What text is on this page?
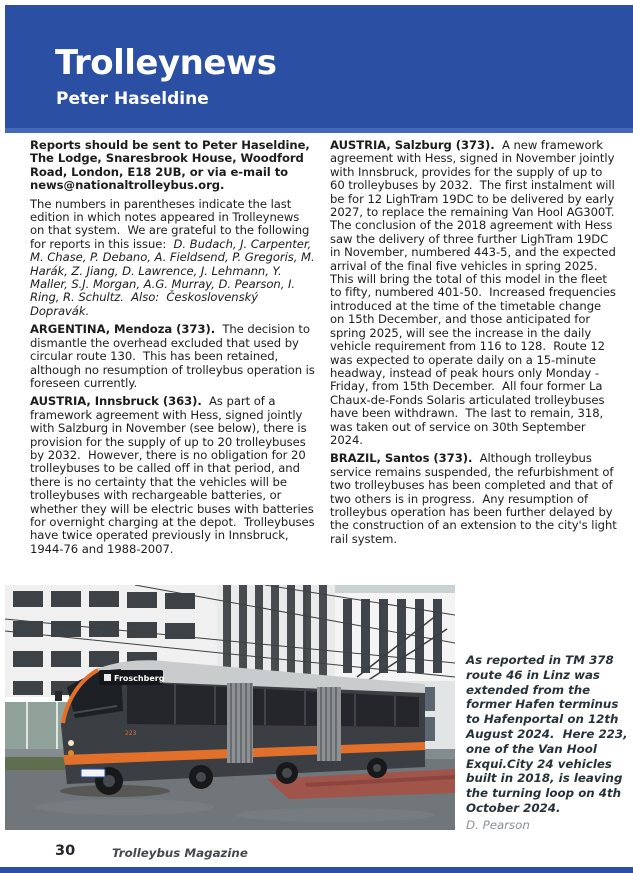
Trolleynews
Peter Haseldine

Reports should be sent to Peter Haseldine, The Lodge, Snaresbrook House, Woodford Road, London, E18 2UB, or via e-mail to news@nationaltrolleybus.org.

The numbers in parentheses indicate the last edition in which notes appeared in Trolleynews on that system.  We are grateful to the following for reports in this issue:  D. Budach, J. Carpenter, M. Chase, P. Debano, A. Fieldsend, P. Gregoris, M. Harák, Z. Jiang, D. Lawrence, J. Lehmann, Y. Maller, S.J. Morgan, A.G. Murray, D. Pearson, I. Ring, R. Schultz.  Also:  Československý Dopravák.

ARGENTINA, Mendoza (373).  The decision to dismantle the overhead excluded that used by circular route 130.  This has been retained, although no resumption of trolleybus operation is foreseen currently.

AUSTRIA, Innsbruck (363).  As part of a framework agreement with Hess, signed jointly with Salzburg in November (see below), there is provision for the supply of up to 20 trolleybuses by 2032.  However, there is no obligation for 20 trolleybuses to be called off in that period, and there is no certainty that the vehicles will be trolleybuses with rechargeable batteries, or whether they will be electric buses with batteries for overnight charging at the depot.  Trolleybuses have twice operated previously in Innsbruck, 1944-76 and 1988-2007.

AUSTRIA, Salzburg (373).  A new framework agreement with Hess, signed in November jointly with Innsbruck, provides for the supply of up to 60 trolleybuses by 2032.  The first instalment will be for 12 LighTram 19DC to be delivered by early 2027, to replace the remaining Van Hool AG300T.  The conclusion of the 2018 agreement with Hess saw the delivery of three further LighTram 19DC in November, numbered 443-5, and the expected arrival of the final five vehicles in spring 2025.  This will bring the total of this model in the fleet to fifty, numbered 401-50.  Increased frequencies introduced at the time of the timetable change on 15th December, and those anticipated for spring 2025, will see the increase in the daily vehicle requirement from 116 to 128.  Route 12 was expected to operate daily on a 15-minute headway, instead of peak hours only Monday - Friday, from 15th December.  All four former La Chaux-de-Fonds Solaris articulated trolleybuses have been withdrawn.  The last to remain, 318, was taken out of service on 30th September 2024.

BRAZIL, Santos (373).  Although trolleybus service remains suspended, the refurbishment of two trolleybuses has been completed and that of two others is in progress.  Any resumption of trolleybus operation has been further delayed by the construction of an extension to the city's light rail system.

Froschberg
223

As reported in TM 378 route 46 in Linz was extended from the former Hafen terminus to Hafenportal on 12th August 2024.  Here 223, one of the Van Hool Exqui.City 24 vehicles built in 2018, is leaving the turning loop on 4th October 2024.

D. Pearson

30	Trolleybus Magazine
